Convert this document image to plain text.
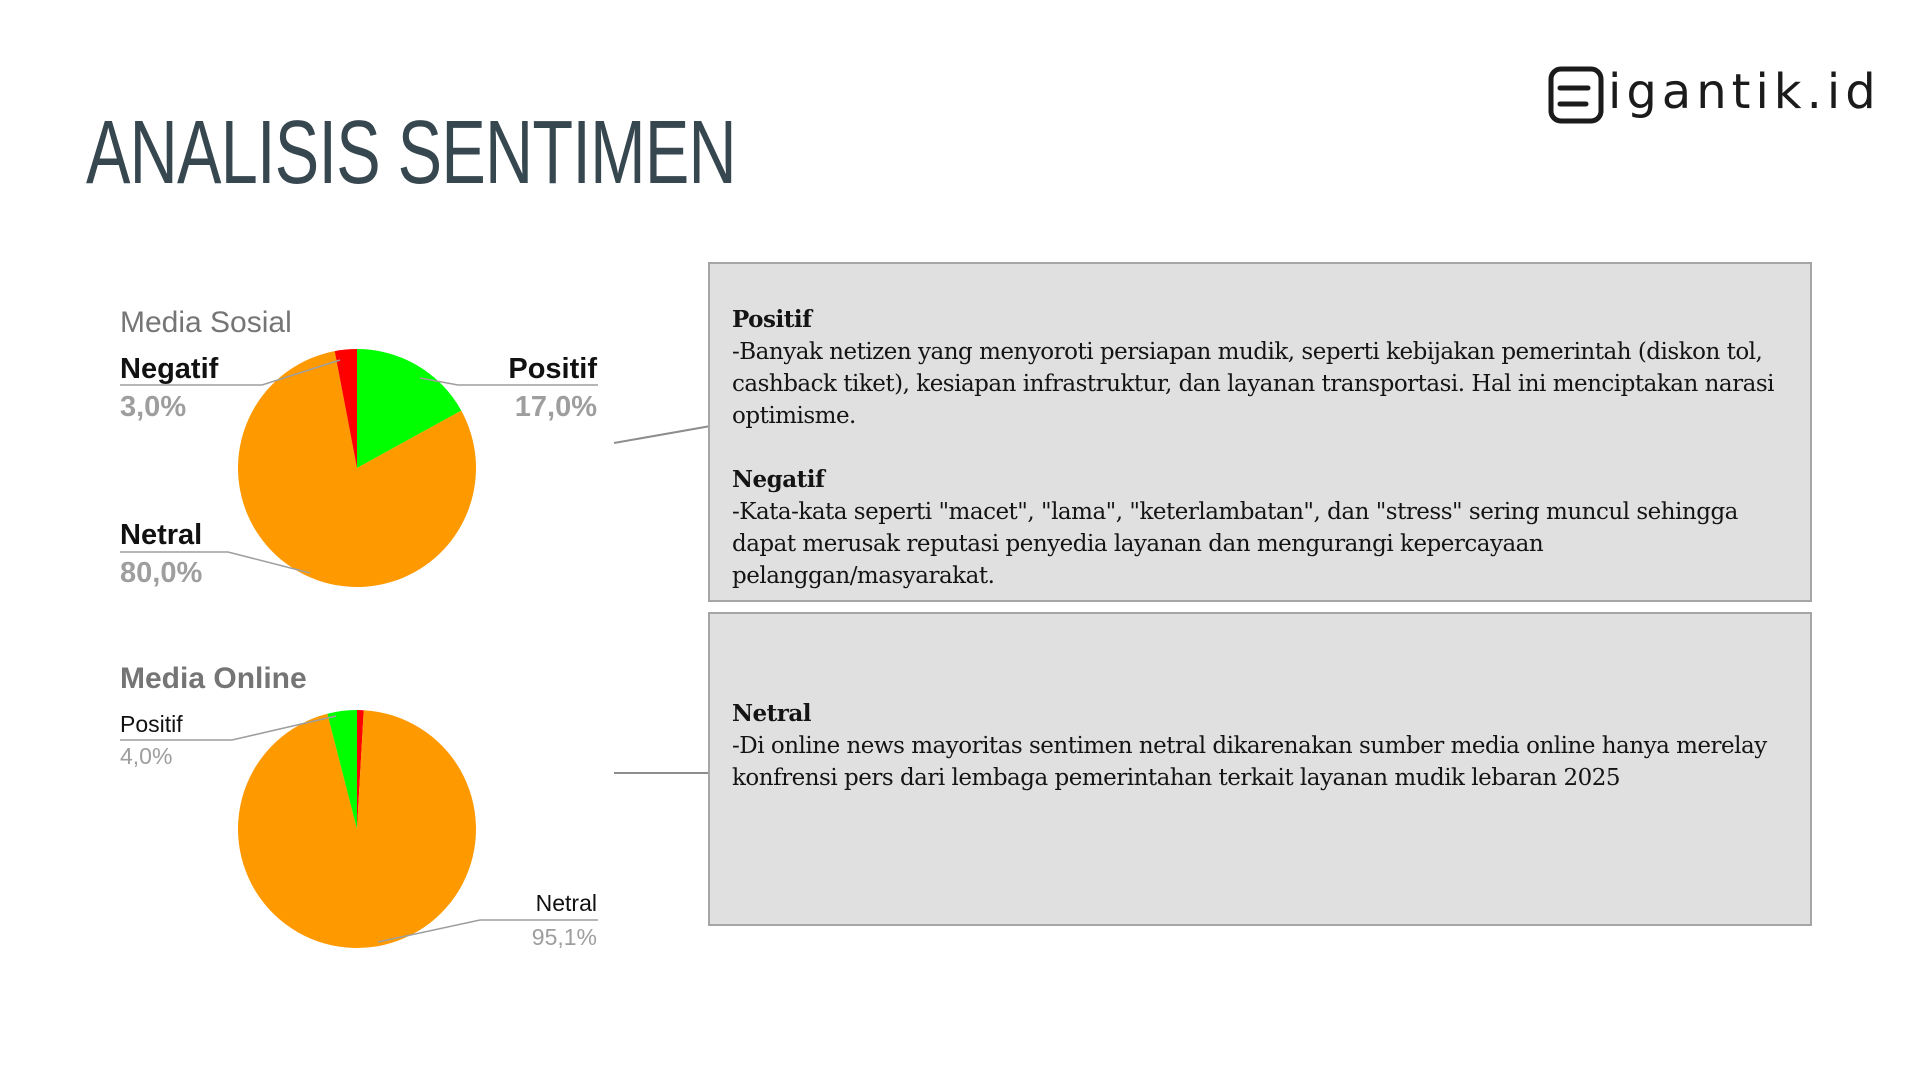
ANALISIS SENTIMEN
igantik.id
Media Sosial
Positif
17,0%
Negatif
3,0%
Netral
80,0%
Media Online
Positif
4,0%
Netral
95,1%
Positif

-Banyak netizen yang menyoroti persiapan mudik, seperti kebijakan pemerintah (diskon tol, cashback tiket), kesiapan infrastruktur, dan layanan transportasi. Hal ini menciptakan narasi optimisme.

Negatif

-Kata-kata seperti "macet", "lama", "keterlambatan", dan "stress" sering muncul sehingga dapat merusak reputasi penyedia layanan dan mengurangi kepercayaan pelanggan/masyarakat.

Netral

-Di online news mayoritas sentimen netral dikarenakan sumber media online hanya merelay konfrensi pers dari lembaga pemerintahan terkait layanan mudik lebaran 2025
